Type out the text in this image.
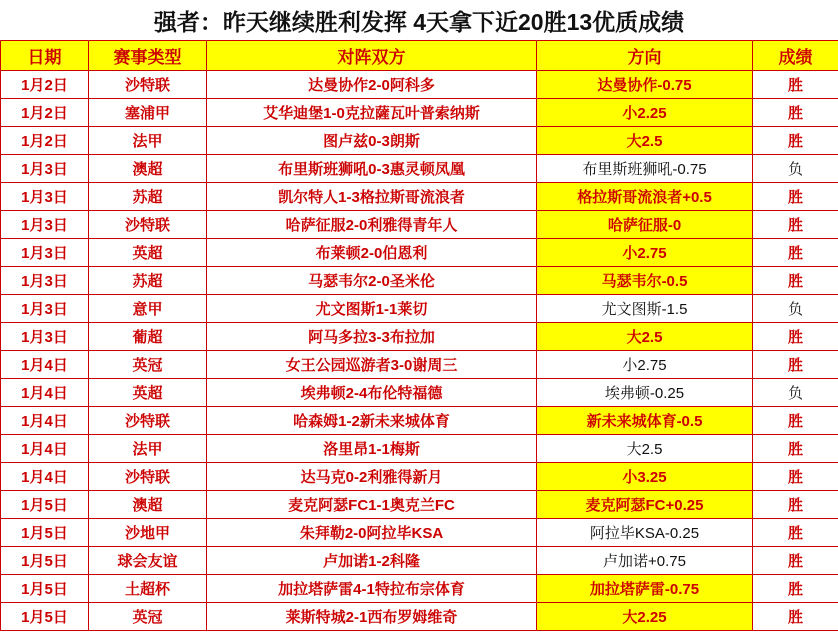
强者：昨天继续胜利发挥 4天拿下近20胜13优质成绩
日期	赛事类型	对阵双方	方向	成绩
1月2日	沙特联	达曼协作2-0阿科多	达曼协作-0.75	胜
1月2日	塞浦甲	艾华迪堡1-0克拉薩瓦叶普索纳斯	小2.25	胜
1月2日	法甲	图卢兹0-3朗斯	大2.5	胜
1月3日	澳超	布里斯班狮吼0-3惠灵顿凤凰	布里斯班狮吼-0.75	负
1月3日	苏超	凯尔特人1-3格拉斯哥流浪者	格拉斯哥流浪者+0.5	胜
1月3日	沙特联	哈萨征服2-0利雅得青年人	哈萨征服-0	胜
1月3日	英超	布莱顿2-0伯恩利	小2.75	胜
1月3日	苏超	马瑟韦尔2-0圣米伦	马瑟韦尔-0.5	胜
1月3日	意甲	尤文图斯1-1莱切	尤文图斯-1.5	负
1月3日	葡超	阿马多拉3-3布拉加	大2.5	胜
1月4日	英冠	女王公园巡游者3-0谢周三	小2.75	胜
1月4日	英超	埃弗顿2-4布伦特福德	埃弗顿-0.25	负
1月4日	沙特联	哈森姆1-2新未来城体育	新未来城体育-0.5	胜
1月4日	法甲	洛里昂1-1梅斯	大2.5	胜
1月4日	沙特联	达马克0-2利雅得新月	小3.25	胜
1月5日	澳超	麦克阿瑟FC1-1奥克兰FC	麦克阿瑟FC+0.25	胜
1月5日	沙地甲	朱拜勒2-0阿拉毕KSA	阿拉毕KSA-0.25	胜
1月5日	球会友谊	卢加诺1-2科隆	卢加诺+0.75	胜
1月5日	土超杯	加拉塔萨雷4-1特拉布宗体育	加拉塔萨雷-0.75	胜
1月5日	英冠	莱斯特城2-1西布罗姆维奇	大2.25	胜
